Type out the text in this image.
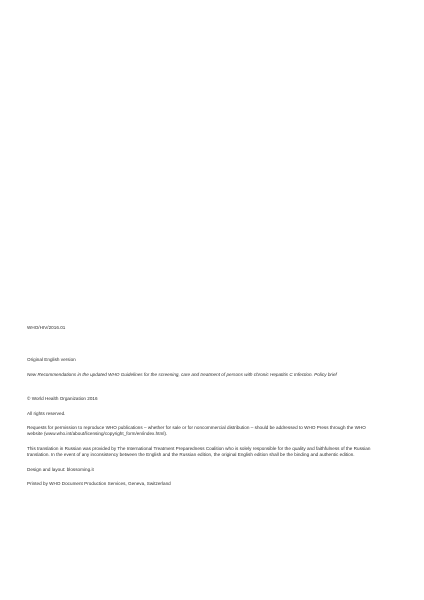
WHO/HIV/2016.01

Original English version

New Recommendations in the updated WHO Guidelines for the screening, care and treatment of persons with chronic Hepatitis C Infection. Policy brief

© World Health Organization 2016

All rights reserved.

Requests for permission to reproduce WHO publications – whether for sale or for noncommercial distribution – should be addressed to WHO Press through the WHO website (www.who.int/about/licensing/copyright_form/en/index.html).

This translation in Russian was provided by The International Treatment Preparedness Coalition who is solely responsible for the quality and faithfulness of the Russian translation. In the event of any inconsistency between the English and the Russian edition, the original English edition shall be the binding and authentic edition.

Design and layout: blossoming.it

Printed by WHO Document Production Services, Geneva, Switzerland
